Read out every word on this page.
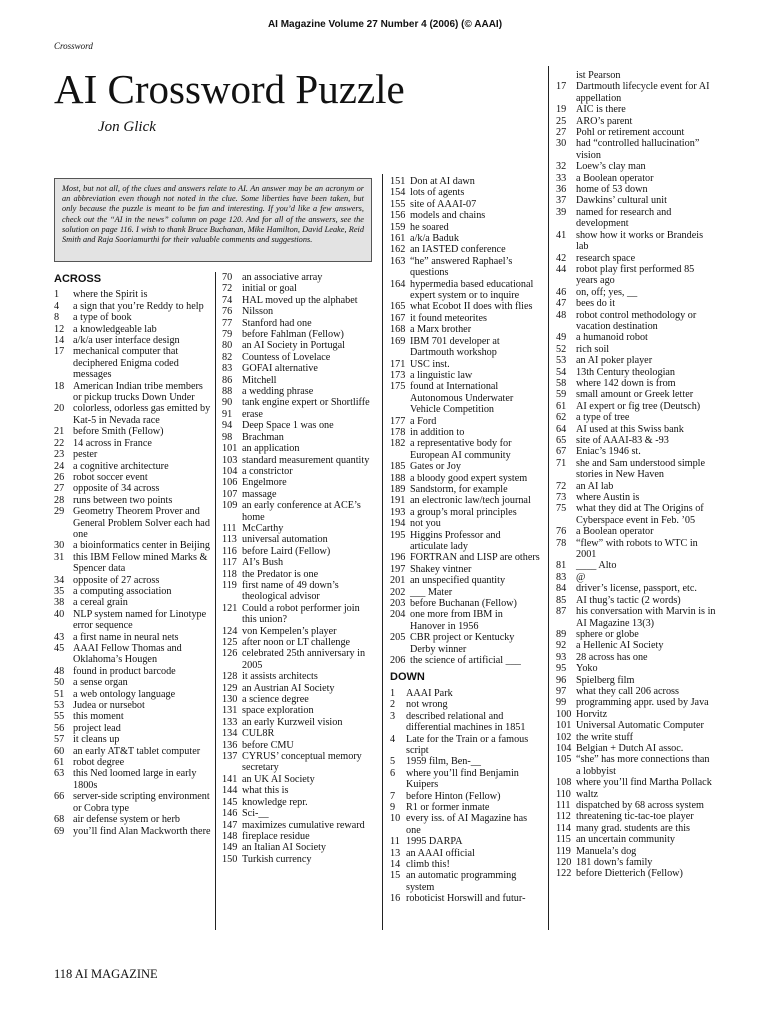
AI Magazine Volume 27 Number 4 (2006) (© AAAI)
Crossword
AI Crossword Puzzle
Jon Glick
Most, but not all, of the clues and answers relate to AI. An answer may be an acronym or an abbreviation even though not noted in the clue. Some liberties have been taken, but only because the puzzle is meant to be fun and interesting. If you’d like a few answers, check out the “AI in the news” column on page 120. And for all of the answers, see the solution on page 116. I wish to thank Bruce Buchanan, Mike Hamilton, David Leake, Reid Smith and Raja Sooriamurthi for their valuable comments and suggestions.
ACROSS
1	where the Spirit is
4	a sign that you’re Reddy to help
8	a type of book
12 a knowledgeable lab
14 a/k/a user interface design
17 mechanical computer that deciphered Enigma coded messages
18 American Indian tribe members or pickup trucks Down Under
20 colorless, odorless gas emitted by Kat-5 in Nevada race
21 before Smith (Fellow)
22 14 across in France
23 pester
24 a cognitive architecture
26 robot soccer event
27 opposite of 34 across
28 runs between two points
29 Geometry Theorem Prover and General Problem Solver each had one
30 a bioinformatics center in Beijing
31 this IBM Fellow mined Marks & Spencer data
34 opposite of 27 across
35 a computing association
38 a cereal grain
40 NLP system named for Linotype error sequence
43 a first name in neural nets
45 AAAI Fellow Thomas and Oklahoma’s Hougen
48 found in product barcode
50 a sense organ
51 a web ontology language
53 Judea or nursebot
55 this moment
56 project lead
57 it cleans up
60 an early AT&T tablet computer
61 robot degree
63 this Ned loomed large in early 1800s
66 server-side scripting environment or Cobra type
68 air defense system or herb
69 you’ll find Alan Mackworth there
70 an associative array
72 initial or goal
74 HAL moved up the alphabet
76 Nilsson
77 Stanford had one
79 before Fahlman (Fellow)
80 an AI Society in Portugal
82 Countess of Lovelace
83 GOFAI alternative
86 Mitchell
88 a wedding phrase
90 tank engine expert or Shortliffe
91 erase
94 Deep Space 1 was one
98 Brachman
101 an application
103 standard measurement quantity
104 a constrictor
106 Engelmore
107 massage
109 an early conference at ACE’s home
111 McCarthy
113 universal automation
116 before Laird (Fellow)
117 AI’s Bush
118 the Predator is one
119 first name of 49 down’s theological advisor
121 Could a robot performer join this union?
124 von Kempelen’s player
125 after noon or LT challenge
126 celebrated 25th anniversary in 2005
128 it assists architects
129 an Austrian AI Society
130 a science degree
131 space exploration
133 an early Kurzweil vision
134 CUL8R
136 before CMU
137 CYRUS’ conceptual memory secretary
141 an UK AI Society
144 what this is
145 knowledge repr.
146 Sci-__
147 maximizes cumulative reward
148 fireplace residue
149 an Italian AI Society
150 Turkish currency
151 Don at AI dawn
154 lots of agents
155 site of AAAI-07
156 models and chains
159 he soared
161 a/k/a Baduk
162 an IASTED conference
163 “he” answered Raphael’s questions
164 hypermedia based educational expert system or to inquire
165 what Ecobot II does with flies
167 it found meteorites
168 a Marx brother
169 IBM 701 developer at Dartmouth workshop
171 USC inst.
173 a linguistic law
175 found at International Autonomous Underwater Vehicle Competition
177 a Ford
178 in addition to
182 a representative body for European AI community
185 Gates or Joy
188 a bloody good expert system
189 Sandstorm, for example
191 an electronic law/tech journal
193 a group’s moral principles
194 not you
195 Higgins Professor and articulate lady
196 FORTRAN and LISP are others
197 Shakey vintner
201 an unspecified quantity
202 ___ Mater
203 before Buchanan (Fellow)
204 one more from IBM in Hanover in 1956
205 CBR project or Kentucky Derby winner
206 the science of artificial ___
DOWN
1	AAAI Park
2	not wrong
3	described relational and differential machines in 1851
4	Late for the Train or a famous script
5	1959 film, Ben-__
6	where you’ll find Benjamin Kuipers
7	before Hinton (Fellow)
9	R1 or former inmate
10 every iss. of AI Magazine has one
11 1995 DARPA
13 an AAAI official
14 climb this!
15 an automatic programming system
16 roboticist Horswill and futur-
ist Pearson
17 Dartmouth lifecycle event for AI appellation
19 AIC is there
25 ARO’s parent
27 Pohl or retirement account
30 had “controlled hallucination” vision
32 Loew’s clay man
33 a Boolean operator
36 home of 53 down
37 Dawkins’ cultural unit
39 named for research and development
41 show how it works or Brandeis lab
42 research space
44 robot play first performed 85 years ago
46 on, off; yes, __
47 bees do it
48 robot control methodology or vacation destination
49 a humanoid robot
52 rich soil
53 an AI poker player
54 13th Century theologian
58 where 142 down is from
59 small amount or Greek letter
61 AI expert or fig tree (Deutsch)
62 a type of tree
64 AI used at this Swiss bank
65 site of AAAI-83 & -93
67 Eniac’s 1946 st.
71 she and Sam understood simple stories in New Haven
72 an AI lab
73 where Austin is
75 what they did at The Origins of Cyberspace event in Feb. ’05
76 a Boolean operator
78 “flew” with robots to WTC in 2001
81 ____ Alto
83 @
84 driver’s license, passport, etc.
85 AI thug’s tactic (2 words)
87 his conversation with Marvin is in AI Magazine 13(3)
89 sphere or globe
92 a Hellenic AI Society
93 28 across has one
95 Yoko
96 Spielberg film
97 what they call 206 across
99 programming appr. used by Java
100 Horvitz
101 Universal Automatic Computer
102 the write stuff
104 Belgian + Dutch AI assoc.
105 “she” has more connections than a lobbyist
108 where you’ll find Martha Pollack
110 waltz
111 dispatched by 68 across system
112 threatening tic-tac-toe player
114 many grad. students are this
115 an uncertain community
119 Manuela’s dog
120 181 down’s family
122 before Dietterich (Fellow)
118 AI MAGAZINE
